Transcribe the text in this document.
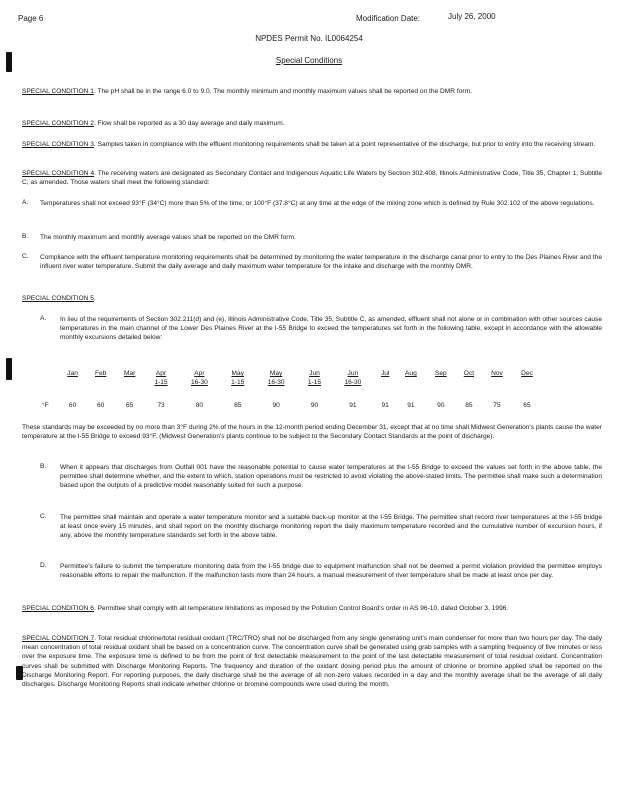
Page 6	Modification Date:	July 26, 2000
NPDES Permit No. IL0064254
Special Conditions
SPECIAL CONDITION 1. The pH shall be in the range 6.0 to 9.0. The monthly minimum and monthly maximum values shall be reported on the DMR form.
SPECIAL CONDITION 2. Flow shall be reported as a 30 day average and daily maximum.
SPECIAL CONDITION 3. Samples taken in compliance with the effluent monitoring requirements shall be taken at a point representative of the discharge, but prior to entry into the receiving stream.
SPECIAL CONDITION 4. The receiving waters are designated as Secondary Contact and Indigenous Aquatic Life Waters by Section 302.408, Illinois Administrative Code, Title 35, Chapter 1, Subtitle C, as amended. Those waters shall meet the following standard:
A. Temperatures shall not exceed 93°F (34°C) more than 5% of the time, or 100°F (37.8°C) at any time at the edge of the mixing zone which is defined by Rule 302.102 of the above regulations.
B. The monthly maximum and monthly average values shall be reported on the DMR form.
C. Compliance with the effluent temperature monitoring requirements shall be determined by monitoring the water temperature in the discharge canal prior to entry to the Des Plaines River and the influent river water temperature. Submit the daily average and daily maximum water temperature for the intake and discharge with the monthly DMR.
SPECIAL CONDITION 5.
A. In lieu of the requirements of Section 302.211(d) and (e), Illinois Administrative Code, Title 35, Subtitle C, as amended, effluent shall not alone or in combination with other sources cause temperatures in the main channel of the Lower Des Plaines River at the I-55 Bridge to exceed the temperatures set forth in the following table, except in accordance with the allowable monthly excursions detailed below:
	Jan	Feb	Mar	Apr	Apr	May	May	Jun	Jun	Jul	Aug	Sep	Oct	Nov	Dec
				1-15	16-30	1-15	16-30	1-15	16-30						

°F	60	60	65	73	80	85	90	90	91	91	91	90	85	75	65
These standards may be exceeded by no more than 3°F during 2% of the hours in the 12-month period ending December 31, except that at no time shall Midwest Generation's plants cause the water temperature at the I-55 Bridge to exceed 93°F. (Midwest Generation's plants continue to be subject to the Secondary Contact Standards at the point of discharge).
B. When it appears that discharges from Outfall 001 have the reasonable potential to cause water temperatures at the I-55 Bridge to exceed the values set forth in the above table, the permittee shall determine whether, and the extent to which, station operations must be restricted to avoid violating the above-stated limits. The permittee shall make such a determination based upon the outputs of a predictive model reasonably suited for such a purpose.
C. The permittee shall maintain and operate a water temperature monitor and a suitable back-up monitor at the I-55 Bridge. The permittee shall record river temperatures at the I-55 bridge at least once every 15 minutes, and shall report on the monthly discharge monitoring report the daily maximum temperature recorded and the cumulative number of excursion hours, if any, above the monthly temperature standards set forth in the above table.
D. Permittee's failure to submit the temperature monitoring data from the I-55 bridge due to equipment malfunction shall not be deemed a permit violation provided the permittee employs reasonable efforts to repair the malfunction. If the malfunction lasts more than 24 hours, a manual measurement of river temperature shall be made at least once per day.
SPECIAL CONDITION 6. Permittee shall comply with all temperature limitations as imposed by the Pollution Control Board's order in AS 96-10, dated October 3, 1996.
SPECIAL CONDITION 7. Total residual chlorine/total residual oxidant (TRC/TRO) shall not be discharged from any single generating unit's main condenser for more than two hours per day. The daily mean concentration of total residual oxidant shall be based on a concentration curve. The concentration curve shall be generated using grab samples with a sampling frequency of five minutes or less over the exposure time. The exposure time is defined to be from the point of first detectable measurement to the point of the last detectable measurement of total residual oxidant. Concentration curves shall be submitted with Discharge Monitoring Reports. The frequency and duration of the oxidant dosing period plus the amount of chlorine or bromine applied shall be reported on the Discharge Monitoring Report. For reporting purposes, the daily discharge shall be the average of all non-zero values recorded in a day and the monthly average shall be the average of all daily discharges. Discharge Monitoring Reports shall indicate whether chlorine or bromine compounds were used during the month.
